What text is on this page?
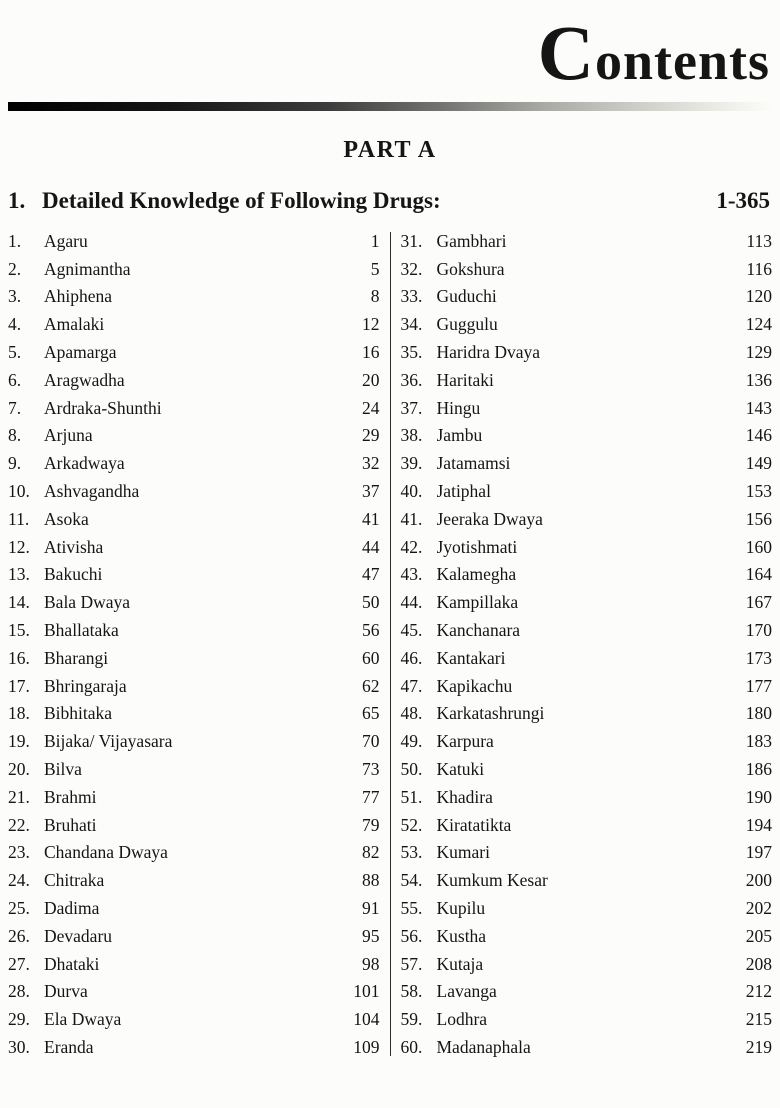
Contents
PART A
1. Detailed Knowledge of Following Drugs:	1-365
1.	Agaru	1
2.	Agnimantha	5
3.	Ahiphena	8
4.	Amalaki	12
5.	Apamarga	16
6.	Aragwadha	20
7.	Ardraka-Shunthi	24
8.	Arjuna	29
9.	Arkadwaya	32
10. Ashvagandha	37
11. Asoka	41
12. Ativisha	44
13. Bakuchi	47
14. Bala Dwaya	50
15. Bhallataka	56
16. Bharangi	60
17. Bhringaraja	62
18. Bibhitaka	65
19. Bijaka/ Vijayasara	70
20. Bilva	73
21. Brahmi	77
22. Bruhati	79
23. Chandana Dwaya	82
24. Chitraka	88
25. Dadima	91
26. Devadaru	95
27. Dhataki	98
28. Durva	101
29. Ela Dwaya	104
30. Eranda	109
31. Gambhari	113
32. Gokshura	116
33. Guduchi	120
34. Guggulu	124
35. Haridra Dvaya	129
36. Haritaki	136
37. Hingu	143
38. Jambu	146
39. Jatamamsi	149
40. Jatiphal	153
41. Jeeraka Dwaya	156
42. Jyotishmati	160
43. Kalamegha	164
44. Kampillaka	167
45. Kanchanara	170
46. Kantakari	173
47. Kapikachu	177
48. Karkatashrungi	180
49. Karpura	183
50. Katuki	186
51. Khadira	190
52. Kiratatikta	194
53. Kumari	197
54. Kumkum Kesar	200
55. Kupilu	202
56. Kustha	205
57. Kutaja	208
58. Lavanga	212
59. Lodhra	215
60. Madanaphala	219
